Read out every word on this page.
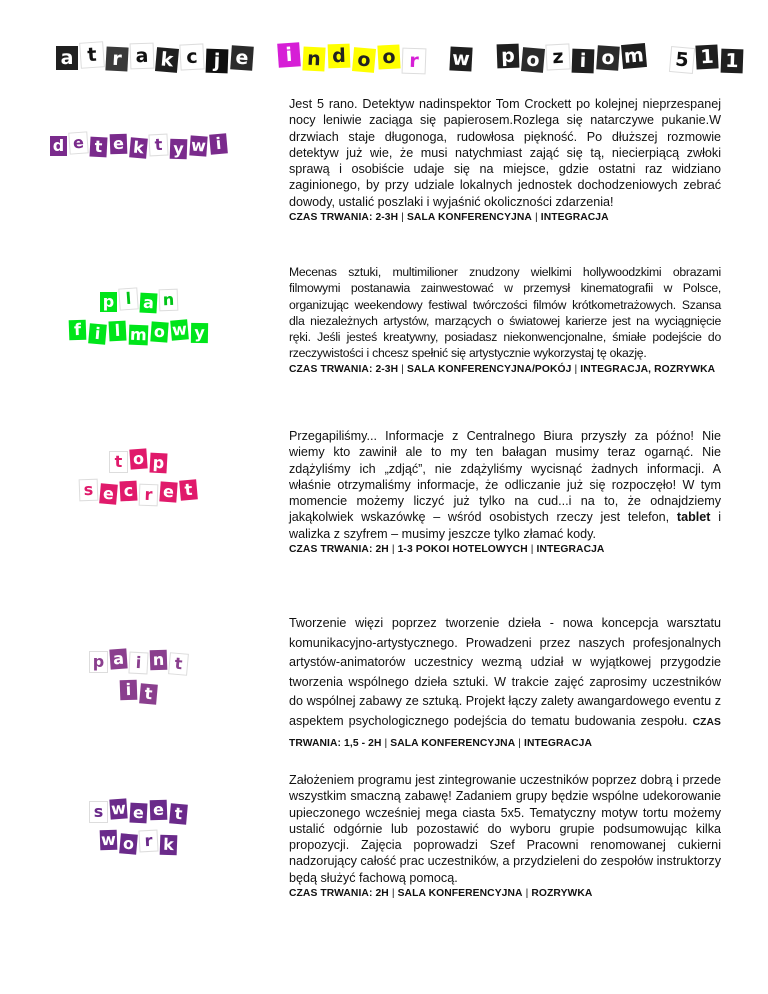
a t r a k c j e	i n d o o r	w p o z i o m 5 1 1
d e t e k t y w i
Jest 5 rano. Detektyw nadinspektor Tom Crockett po kolejnej nieprzespanej nocy leniwie zaciąga się papierosem.Rozlega się natarczywe pukanie.W drzwiach staje długonoga, rudowłosa piękność. Po dłuższej rozmowie detektyw już wie, że musi natychmiast zająć się tą, niecierpiącą zwłoki sprawą i osobiście udaje się na miejsce, gdzie ostatni raz widziano zaginionego, by przy udziale lokalnych jednostek dochodzeniowych zebrać dowody, ustalić poszlaki i wyjaśnić okoliczności zdarzenia!
CZAS TRWANIA: 2-3H | SALA KONFERENCYJNA | INTEGRACJA
p l a n
f i l m o w y
Mecenas sztuki, multimilioner znudzony wielkimi hollywoodzkimi obrazami filmowymi postanawia zainwestować w przemysł kinematografii w Polsce, organizując weekendowy festiwal twórczości filmów krótkometrażowych. Szansa dla niezależnych artystów, marzących o światowej karierze jest na wyciągnięcie ręki. Jeśli jesteś kreatywny, posiadasz niekonwencjonalne, śmiałe podejście do rzeczywistości i chcesz spełnić się artystycznie wykorzystaj tę okazję.
CZAS TRWANIA: 2-3H | SALA KONFERENCYJNA/POKÓJ | INTEGRACJA, ROZRYWKA
t o p
s e c r e t
Przegapiliśmy... Informacje z Centralnego Biura przyszły za późno! Nie wiemy kto zawinił ale to my ten bałagan musimy teraz ogarnąć. Nie zdążyliśmy ich „zdjąć”, nie zdążyliśmy wycisnąć żadnych informacji. A właśnie otrzymaliśmy informacje, że odliczanie już się rozpoczęło! W tym momencie możemy liczyć już tylko na cud...i na to, że odnajdziemy jakąkolwiek wskazówkę – wśród osobistych rzeczy jest telefon, tablet i walizka z szyfrem – musimy jeszcze tylko złamać kody.
CZAS TRWANIA: 2H | 1-3 POKOI HOTELOWYCH | INTEGRACJA
p a i n t
i t
Tworzenie więzi poprzez tworzenie dzieła - nowa koncepcja warsztatu komunikacyjno-artystycznego. Prowadzeni przez naszych profesjonalnych artystów-animatorów uczestnicy wezmą udział w wyjątkowej przygodzie tworzenia wspólnego dzieła sztuki. W trakcie zajęć zaprosimy uczestników do wspólnej zabawy ze sztuką. Projekt łączy zalety awangardowego eventu z aspektem psychologicznego podejścia do tematu budowania zespołu. CZAS TRWANIA: 1,5 - 2H | SALA KONFERENCYJNA | INTEGRACJA
s w e e t
w o r k
Założeniem programu jest zintegrowanie uczestników poprzez dobrą i przede wszystkim smaczną zabawę! Zadaniem grupy będzie wspólne udekorowanie upieczonego wcześniej mega ciasta 5x5. Tematyczny motyw tortu możemy ustalić odgórnie lub pozostawić do wyboru grupie podsumowując kilka propozycji. Zajęcia poprowadzi Szef Pracowni renomowanej cukierni nadzorujący całość prac uczestników, a przydzieleni do zespołów instruktorzy będą służyć fachową pomocą.
CZAS TRWANIA: 2H | SALA KONFERENCYJNA | ROZRYWKA
